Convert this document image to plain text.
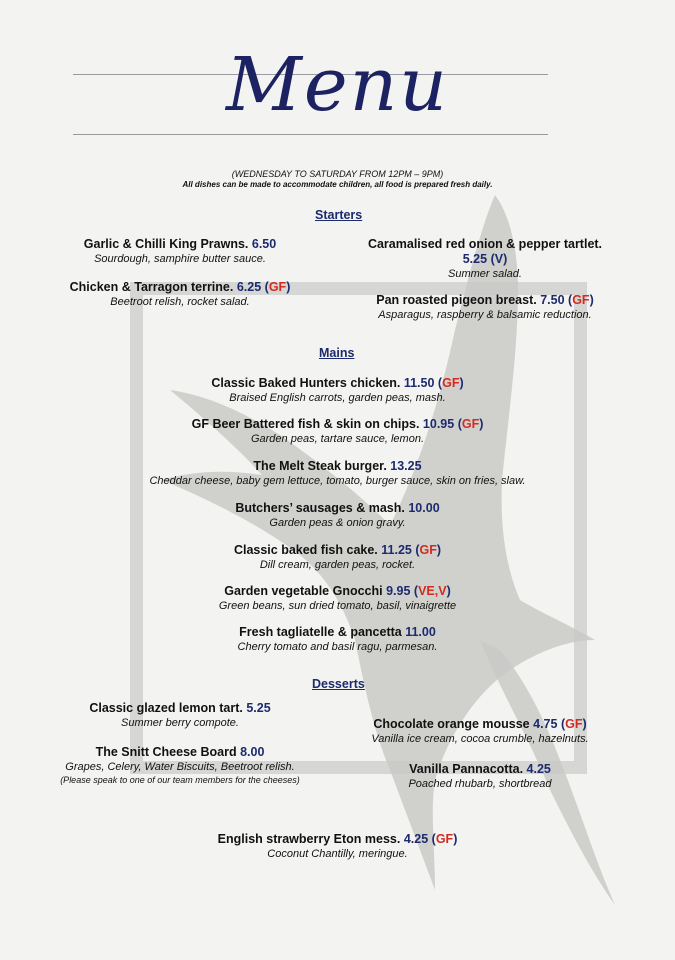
Menu
(WEDNESDAY TO SATURDAY FROM 12PM – 9PM)
All dishes can be made to accommodate children, all food is prepared fresh daily.
Starters
Garlic & Chilli King Prawns. 6.50
Sourdough, samphire butter sauce.
Chicken & Tarragon terrine. 6.25 (GF)
Beetroot relish, rocket salad.
Caramalised red onion & pepper tartlet.
5.25 (V)
Summer salad.
Pan roasted pigeon breast. 7.50 (GF)
Asparagus, raspberry & balsamic reduction.
Mains
Classic Baked Hunters chicken. 11.50 (GF)
Braised English carrots, garden peas, mash.
GF Beer Battered fish & skin on chips. 10.95 (GF)
Garden peas, tartare sauce, lemon.
The Melt Steak burger. 13.25
Cheddar cheese, baby gem lettuce, tomato, burger sauce, skin on fries, slaw.
Butchers’ sausages & mash. 10.00
Garden peas & onion gravy.
Classic baked fish cake. 11.25 (GF)
Dill cream, garden peas, rocket.
Garden vegetable Gnocchi 9.95 (VE,V)
Green beans, sun dried tomato, basil, vinaigrette
Fresh tagliatelle & pancetta 11.00
Cherry tomato and basil ragu, parmesan.
Desserts
Classic glazed lemon tart. 5.25
Summer berry compote.
The Snitt Cheese Board 8.00
Grapes, Celery, Water Biscuits, Beetroot relish.
(Please speak to one of our team members for the cheeses)
Chocolate orange mousse 4.75 (GF)
Vanilla ice cream, cocoa crumble, hazelnuts.
Vanilla Pannacotta. 4.25
Poached rhubarb, shortbread
English strawberry Eton mess. 4.25 (GF)
Coconut Chantilly, meringue.
